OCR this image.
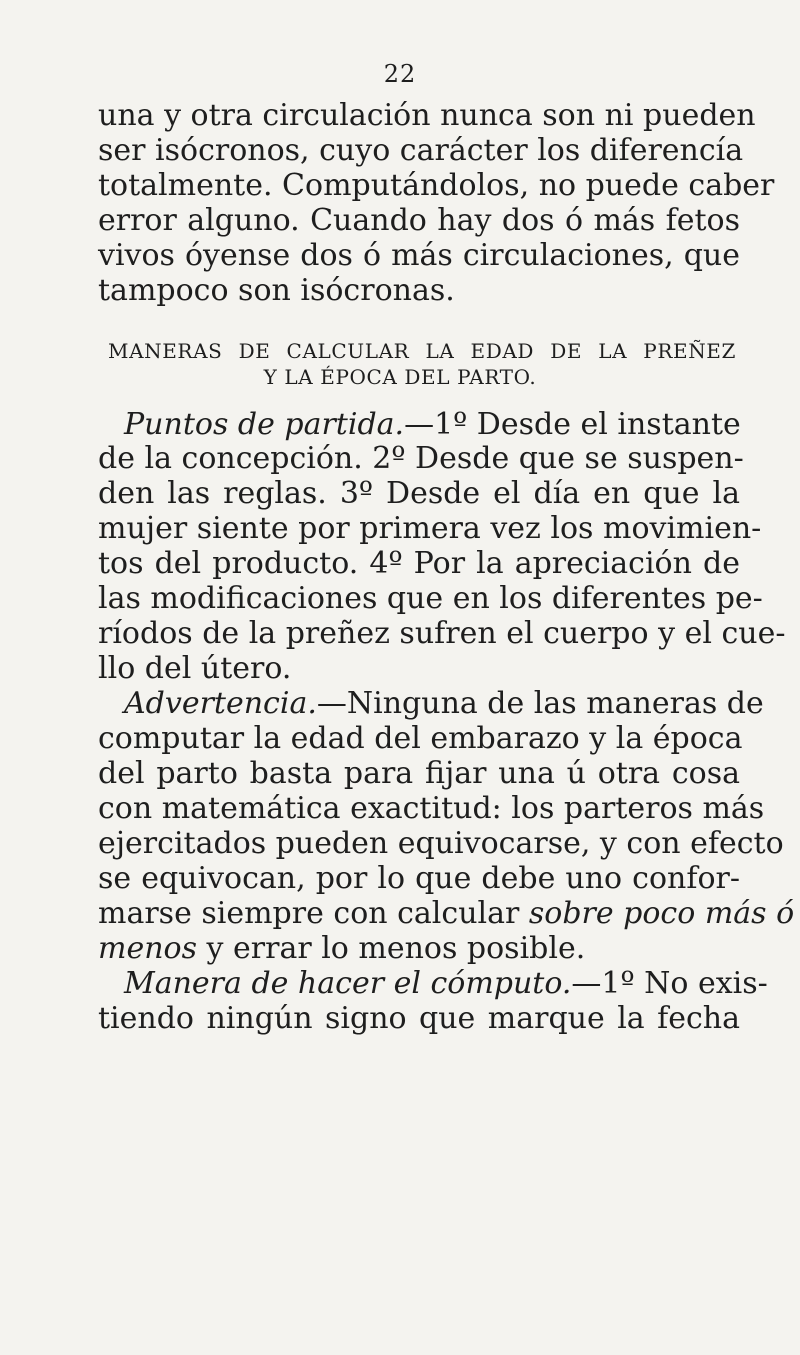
22
una y otra circulación nunca son ni pueden
ser isócronos, cuyo carácter los diferencía
totalmente. Computándolos, no puede caber
error alguno. Cuando hay dos ó más fetos
vivos óyense dos ó más circulaciones, que
tampoco son isócronas.
MANERAS DE CALCULAR LA EDAD DE LA PREÑEZ
Y LA ÉPOCA DEL PARTO.
Puntos de partida.—1º Desde el instante
de la concepción. 2º Desde que se suspen-
den las reglas. 3º Desde el día en que la
mujer siente por primera vez los movimien-
tos del producto. 4º Por la apreciación de
las modificaciones que en los diferentes pe-
ríodos de la preñez sufren el cuerpo y el cue-
llo del útero.
Advertencia.—Ninguna de las maneras de
computar la edad del embarazo y la época
del parto basta para fijar una ú otra cosa
con matemática exactitud: los parteros más
ejercitados pueden equivocarse, y con efecto
se equivocan, por lo que debe uno confor-
marse siempre con calcular sobre poco más ó
menos y errar lo menos posible.
Manera de hacer el cómputo.—1º No exis-
tiendo ningún signo que marque la fecha
